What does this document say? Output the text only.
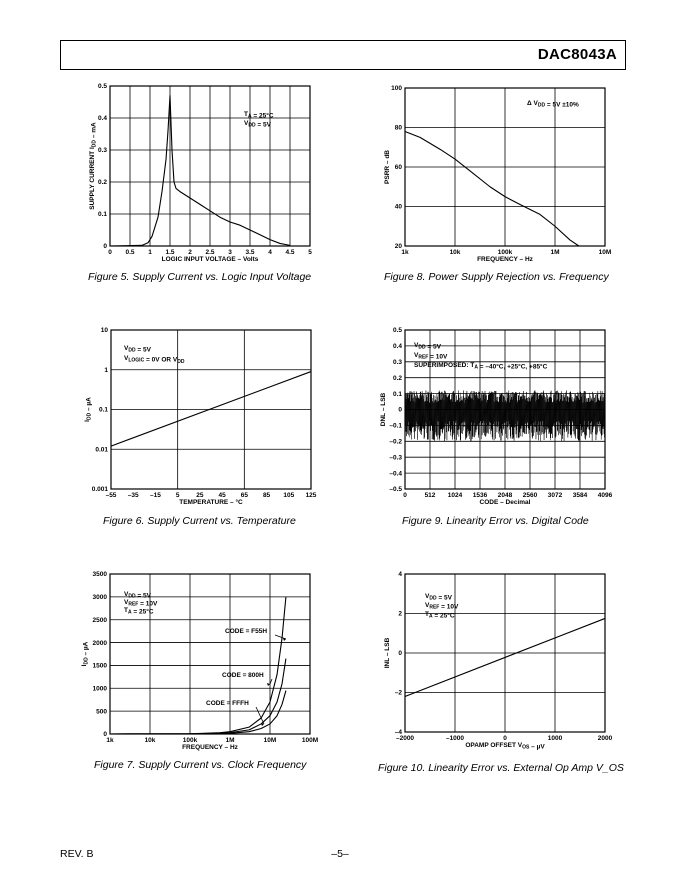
DAC8043A
0 0.5 1 1.5 2 2.5 3 3.5 4 4.5 5
0
0.1
0.2
0.3
0.4
0.5
LOGIC INPUT VOLTAGE – Volts
SUPPLY CURRENT $I_{DD}$ – mA
$T_A = 25^\circ C$
$V_{DD} = 5V$
Figure 5. Supply Current vs. Logic Input Voltage
1k	10k	100k	1M	10M
20
40
60
80
100
FREQUENCY – Hz
PSRR – dB
Δ $V_{DD} = 5V \pm 10\%$
Figure 8. Power Supply Rejection vs. Frequency
–55 –35 –15 5	25 45 65 85 105 125
0.001
0.01
0.1
1
10
TEMPERATURE – °C
$I_{DD}$ – µA
$V_{DD} = 5V$
$V_{LOGIC} = 0V$ OR $V_{DD}$
Figure 6. Supply Current vs. Temperature
0	512 1024 1536 2048 2560 3072 3584 4096
–0.5
–0.4
–0.3
–0.2
–0.1
0
0.1
0.2
0.3
0.4
0.5
CODE – Decimal
DNL – LSB
$V_{DD} = 5V$
$V_{REF} = 10V$
SUPERIMPOSED: $T_A = -40^\circ C$, +25°C, +85°C
Figure 9. Linearity Error vs. Digital Code
1k	10k	100k	1M	10M	100M
0
500
1000
1500
2000
2500
3000
3500
FREQUENCY – Hz
$I_{DD}$ – µA
$V_{DD} = 5V$
$V_{REF} = 10V$
$T_A = 25^\circ C$
CODE = F55H
CODE = 800H
CODE = FFFH
Figure 7. Supply Current vs. Clock Frequency
–2000	–1000	0	1000	2000
–4
–2
0
2
4
OPAMP OFFSET $V_{OS}$ – µV
INL – LSB
$V_{DD} = 5V$
$V_{REF} = 10V$
$T_A = 25^\circ C$
Figure 10. Linearity Error vs. External Op Amp V_OS
REV. B	–5–
